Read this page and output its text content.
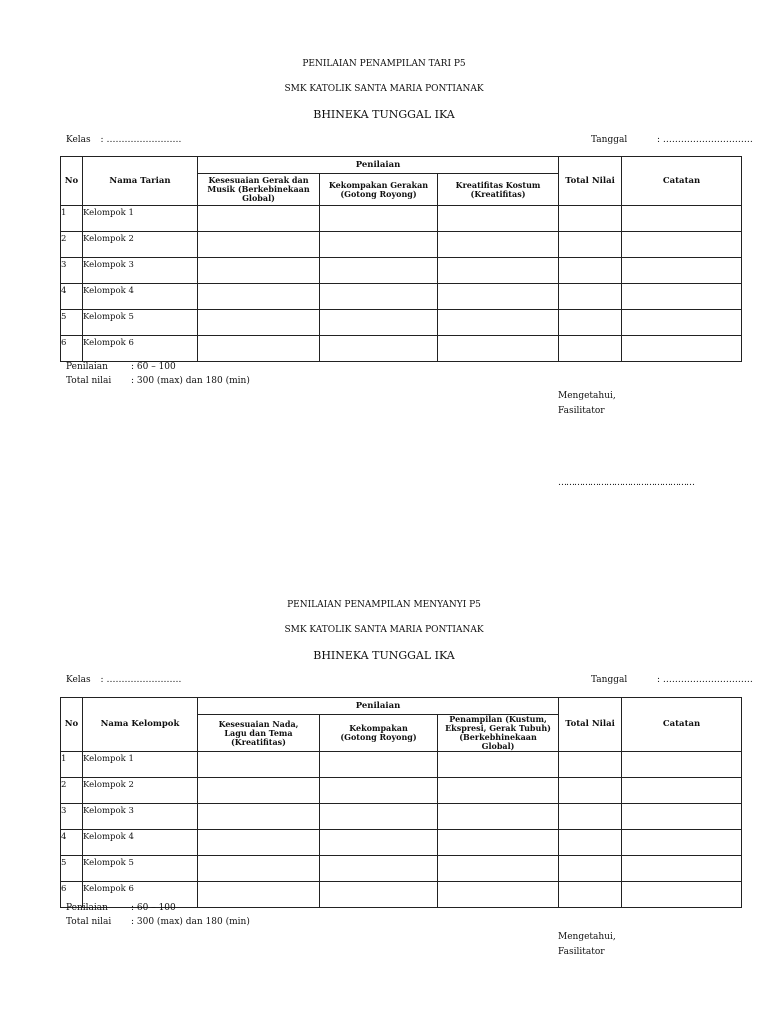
PENILAIAN PENAMPILAN TARI P5
SMK KATOLIK SANTA MARIA PONTIANAK
BHINEKA TUNGGAL IKA
Kelas : …………………….	Tanggal	: …………………………
No	Nama Tarian	Penilaian			Total Nilai	Catatan
		Kesesuaian Gerak dan Musik (Berkebinekaan Global)	Kekompakan Gerakan (Gotong Royong)	Kreatifitas Kostum (Kreatifitas)		
1	Kelompok 1					
2	Kelompok 2					
3	Kelompok 3					
4	Kelompok 4					
5	Kelompok 5					
6	Kelompok 6					
Penilaian	: 60 – 100
Total nilai : 300 (max) dan 180 (min)
Mengetahui,
Fasilitator
……………………………………………
PENILAIAN PENAMPILAN MENYANYI P5
SMK KATOLIK SANTA MARIA PONTIANAK
BHINEKA TUNGGAL IKA
Kelas : …………………….	Tanggal	: …………………………
No	Nama Kelompok	Penilaian			Total Nilai	Catatan
		Kesesuaian Nada, Lagu dan Tema (Kreatifitas)	Kekompakan (Gotong Royong)	Penampilan (Kustum, Ekspresi, Gerak Tubuh) (Berkebhinekaan Global)		
1	Kelompok 1					
2	Kelompok 2					
3	Kelompok 3					
4	Kelompok 4					
5	Kelompok 5					
6	Kelompok 6					
Penilaian	: 60 – 100
Total nilai : 300 (max) dan 180 (min)
Mengetahui,
Fasilitator
